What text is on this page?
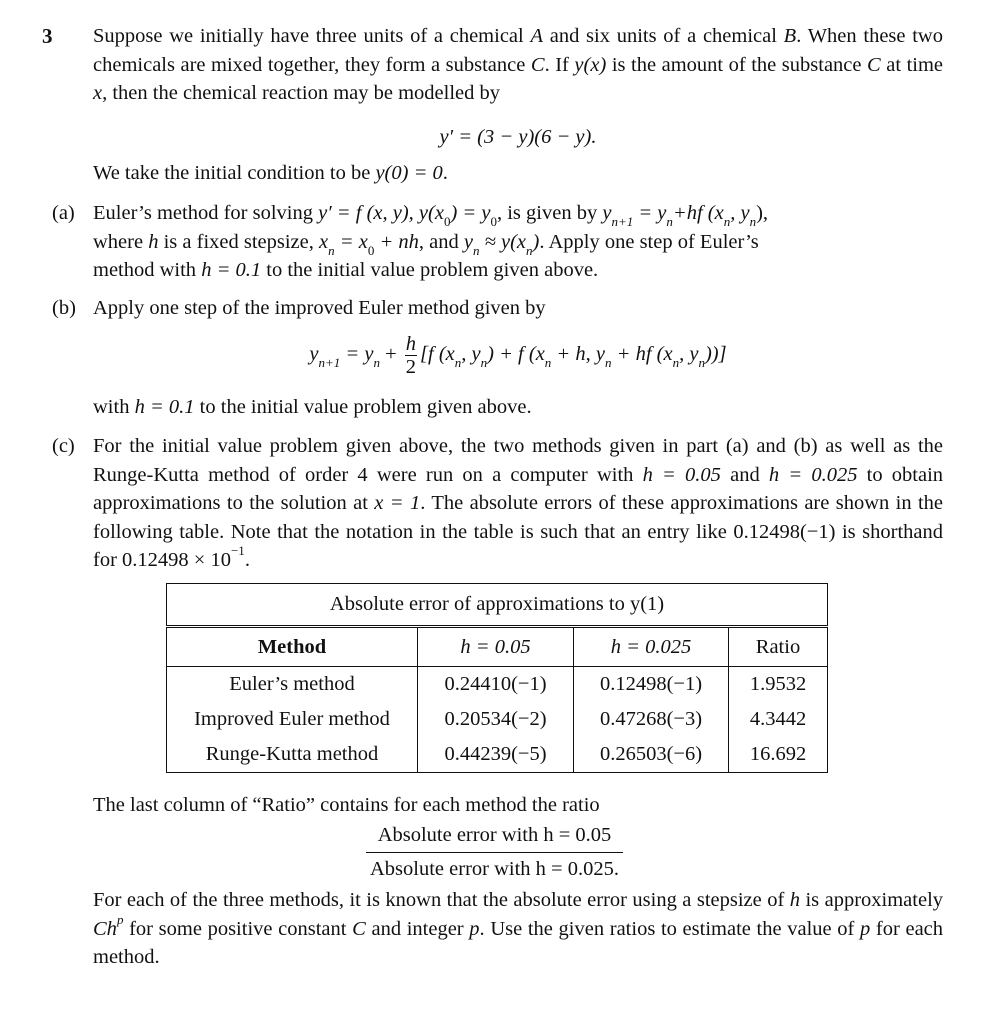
3 Suppose we initially have three units of a chemical A and six units of a chemical B. When these two chemicals are mixed together, they form a substance C. If y(x) is the amount of the substance C at time x, then the chemical reaction may be modelled by
y′ = (3 − y)(6 − y).
We take the initial condition to be y(0) = 0.
(a) Euler’s method for solving y′ = f (x, y), $y(x_0) = y_0$, is given by $y_{n+1} = y_n+hf$ ($x_n$, $y_n$),
where h is a fixed stepsize, $x_n = x_0$ + nh, and $y_n \approx y(x_n)$. Apply one step of Euler’s
method with h = 0.1 to the initial value problem given above.
(b) Apply one step of the improved Euler method given by
$y_{n+1} = y_n + \frac{h}{2} [f$ ($x_n$, $y_n) + f$ ($x_n + h$, $y_n$ + hf ($x_n$, $y_n$))]
with h = 0.1 to the initial value problem given above.
(c) For the initial value problem given above, the two methods given in part (a) and (b) as well as the Runge-Kutta method of order 4 were run on a computer with h = 0.05 and h = 0.025 to obtain approximations to the solution at x = 1. The absolute errors of these approximations are shown in the following table. Note that the notation in the table is such that an entry like 0.12498(−1) is shorthand for $0.12498 \times 10^{-1}$.
Absolute error of approximations to y(1)			
Method	h = 0.05	h = 0.025	Ratio
Euler’s method	0.24410(−1)	0.12498(−1)	1.9532
Improved Euler method	0.20534(−2)	0.47268(−3)	4.3442
Runge-Kutta method	0.44239(−5)	0.26503(−6)	16.692
The last column of “Ratio” contains for each method the ratio
Absolute error with h = 0.05
Absolute error with h = 0.025.
For each of the three methods, it is known that the absolute error using a stepsize of h is approximately Ch$^p$ for some positive constant C and integer p. Use the given ratios to estimate the value of p for each method.
